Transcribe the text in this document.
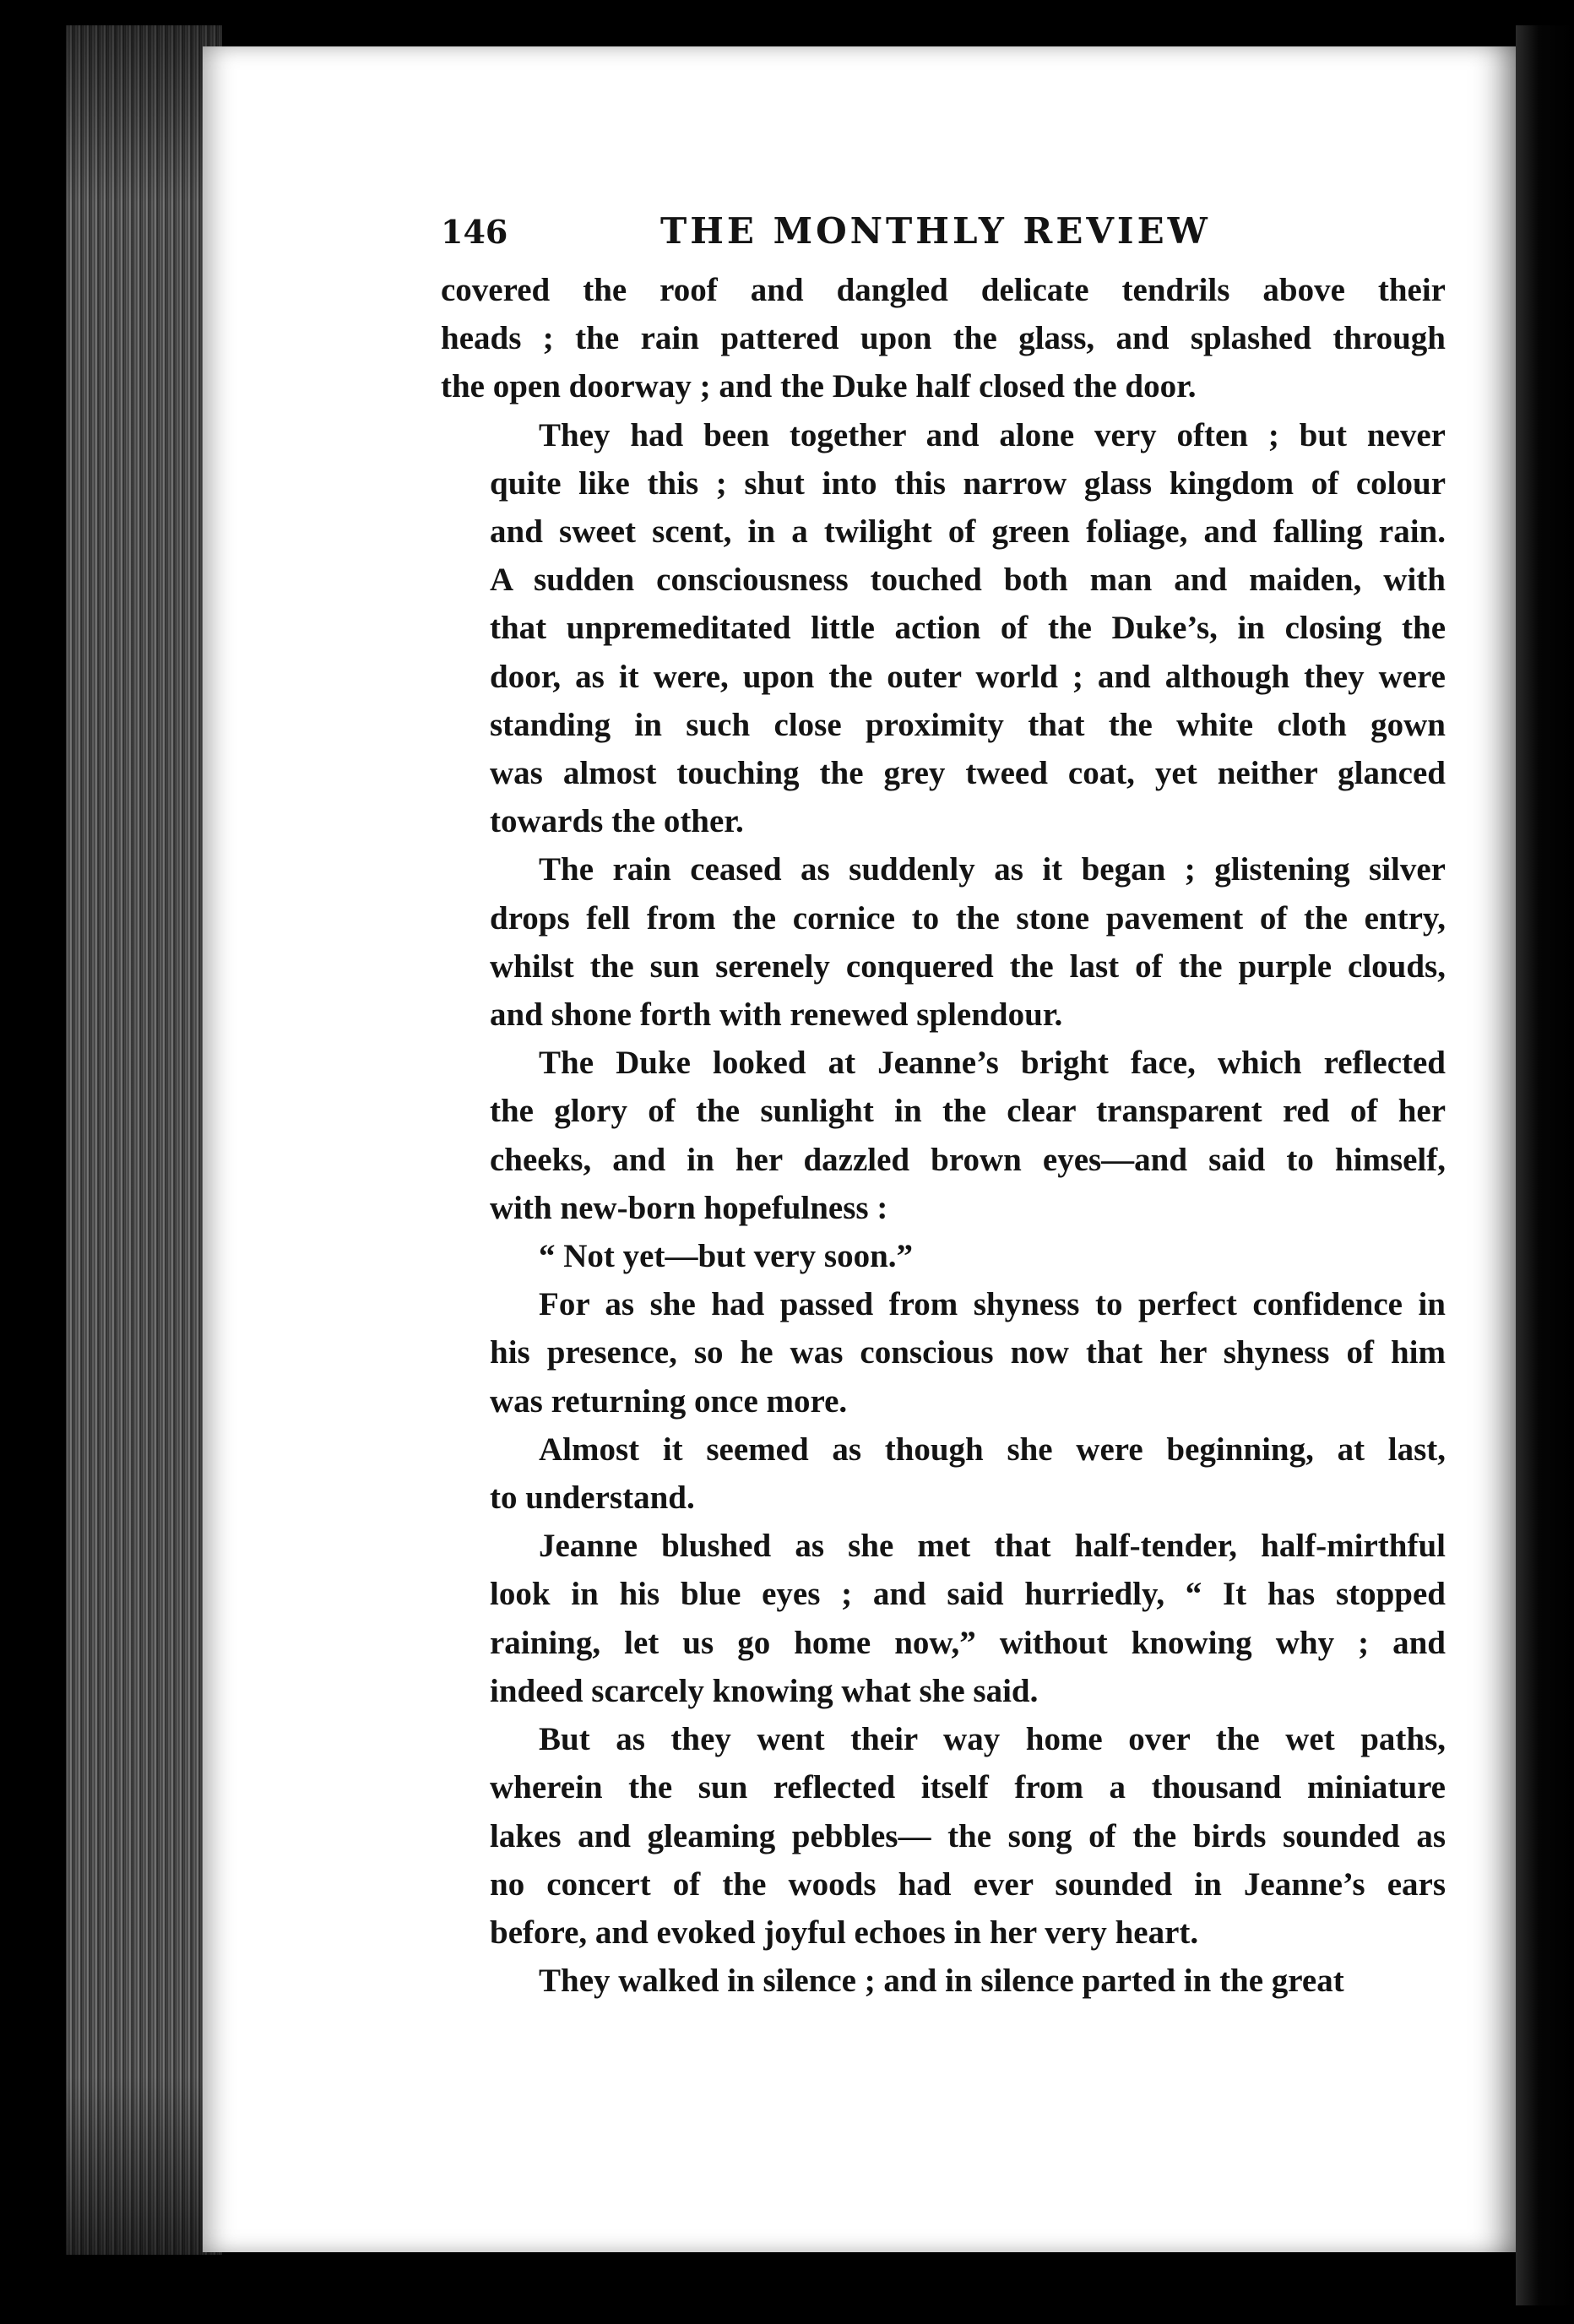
146	THE MONTHLY REVIEW

covered the roof and dangled delicate tendrils above their
heads ; the rain pattered upon the glass, and splashed through
the open doorway ; and the Duke half closed the door.

They had been together and alone very often ; but never
quite like this ; shut into this narrow glass kingdom of colour
and sweet scent, in a twilight of green foliage, and falling rain.
A sudden consciousness touched both man and maiden, with
that unpremeditated little action of the Duke’s, in closing the
door, as it were, upon the outer world ; and although they were
standing in such close proximity that the white cloth gown
was almost touching the grey tweed coat, yet neither glanced
towards the other.

The rain ceased as suddenly as it began ; glistening silver
drops fell from the cornice to the stone pavement of the entry,
whilst the sun serenely conquered the last of the purple clouds,
and shone forth with renewed splendour.

The Duke looked at Jeanne’s bright face, which reflected
the glory of the sunlight in the clear transparent red of her
cheeks, and in her dazzled brown eyes—and said to himself,
with new-born hopefulness :

“ Not yet—but very soon.”

For as she had passed from shyness to perfect confidence in
his presence, so he was conscious now that her shyness of him
was returning once more.

Almost it seemed as though she were beginning, at last,
to understand.

Jeanne blushed as she met that half-tender, half-mirthful
look in his blue eyes ; and said hurriedly, “ It has stopped
raining, let us go home now,” without knowing why ; and
indeed scarcely knowing what she said.

But as they went their way home over the wet paths,
wherein the sun reflected itself from a thousand miniature
lakes and gleaming pebbles— the song of the birds sounded as
no concert of the woods had ever sounded in Jeanne’s ears
before, and evoked joyful echoes in her very heart.

They walked in silence ; and in silence parted in the great
